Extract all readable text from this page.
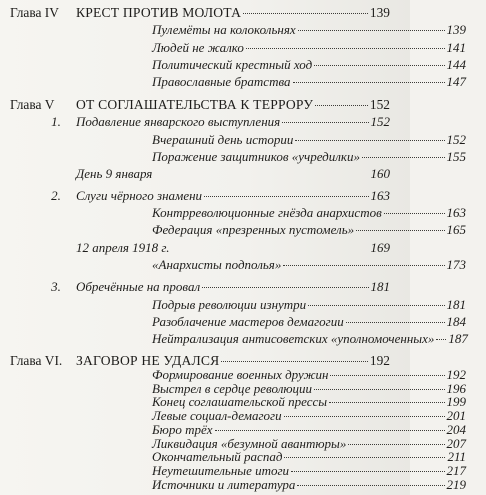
Глава IV КРЕСТ ПРОТИВ МОЛОТА	139
Пулемёты на колокольнях	139
Людей не жалко	141
Политический крестный ход	144
Православные братства	147
Глава V ОТ СОГЛАШАТЕЛЬСТВА К ТЕРРОРУ	152
1.	Подавление январского выступления	152
Вчерашний день истории	152
Поражение защитников «учредилки»	155
День 9 января	160
2.	Слуги чёрного знамени	163
Контрреволюционные гнёзда анархистов	163
Федерация «презренных пустомель»	165
12 апреля 1918 г.	169
«Анархисты подполья»	173
3.	Обречённые на провал	181
Подрыв революции изнутри	181
Разоблачение мастеров демагогии	184
Нейтрализация антисоветских «уполномоченных» 187
Глава VI. ЗАГОВОР НЕ УДАЛСЯ	192
Формирование военных дружин	192
Выстрел в сердце революции	196
Конец соглашательской прессы	199
Левые социал-демагоги	201
Бюро трёх	204
Ликвидация «безумной авантюры»	207
Окончательный распад	211
Неутешительные итоги	217
Источники и литература	219
